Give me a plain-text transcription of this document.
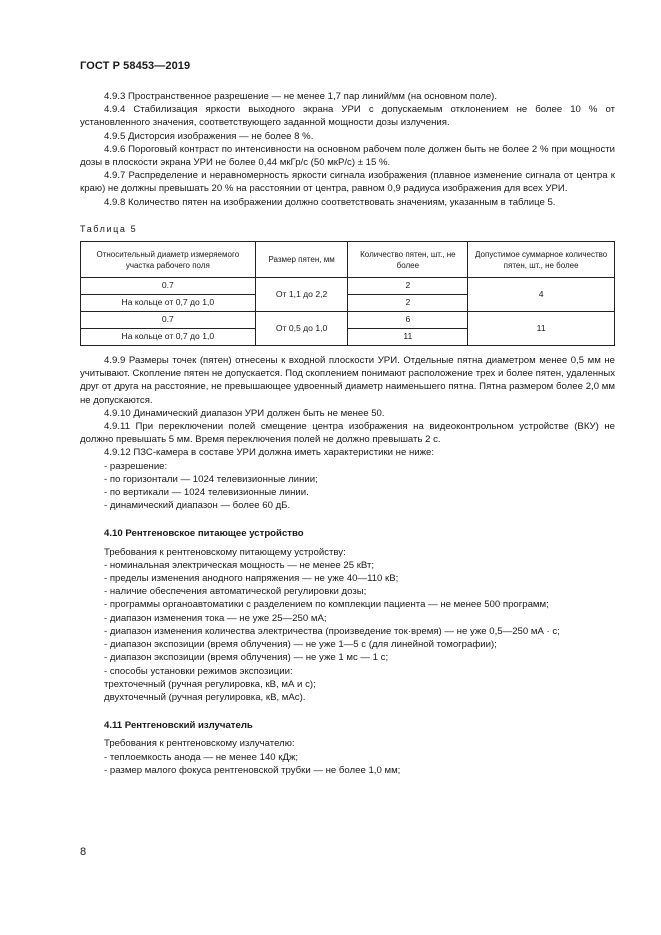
ГОСТ Р 58453—2019

4.9.3 Пространственное разрешение — не менее 1,7 пар линий/мм (на основном поле).

4.9.4 Стабилизация яркости выходного экрана УРИ с допускаемым отклонением не более 10 % от установленного значения, соответствующего заданной мощности дозы излучения.

4.9.5 Дисторсия изображения — не более 8 %.

4.9.6 Пороговый контраст по интенсивности на основном рабочем поле должен быть не более 2 % при мощности дозы в плоскости экрана УРИ не более 0,44 мкГр/с (50 мкР/с) ± 15 %.

4.9.7 Распределение и неравномерность яркости сигнала изображения (плавное изменение сигнала от центра к краю) не должны превышать 20 % на расстоянии от центра, равном 0,9 радиуса изображения для всех УРИ.

4.9.8 Количество пятен на изображении должно соответствовать значениям, указанным в таблице 5.

Таблица 5
Относительный диаметр измеряемого участка рабочего поля	Размер пятен, мм	Количество пятен, шт., не более	Допустимое суммарное количество пятен, шт., не более
0.7	От 1,1 до 2,2	2	4
На кольце от 0,7 до 1,0		2	
0.7	От 0,5 до 1,0	6	11
На кольце от 0,7 до 1,0		11	

4.9.9 Размеры точек (пятен) отнесены к входной плоскости УРИ. Отдельные пятна диаметром менее 0,5 мм не учитывают. Скопление пятен не допускается. Под скоплением понимают расположение трех и более пятен, удаленных друг от друга на расстояние, не превышающее удвоенный диаметр наименьшего пятна. Пятна размером более 2,0 мм не допускаются.

4.9.10 Динамический диапазон УРИ должен быть не менее 50.

4.9.11 При переключении полей смещение центра изображения на видеоконтрольном устройстве (ВКУ) не должно превышать 5 мм. Время переключения полей не должно превышать 2 с.

4.9.12 ПЗС-камера в составе УРИ должна иметь характеристики не ниже:

- разрешение:

- по горизонтали — 1024 телевизионные линии;

- по вертикали — 1024 телевизионные линии.

- динамический диапазон — более 60 дБ.

4.10 Рентгеновское питающее устройство

Требования к рентгеновскому питающему устройству:

- номинальная электрическая мощность — не менее 25 кВт;

- пределы изменения анодного напряжения — не уже 40—110 кВ;

- наличие обеспечения автоматической регулировки дозы;

- программы органоавтоматики с разделением по комплекции пациента — не менее 500 программ;

- диапазон изменения тока — не уже 25—250 мА;

- диапазон изменения количества электричества (произведение ток·время) — не уже 0,5—250 мА · с;

- диапазон экспозиции (время облучения) — не уже 1—5 с (для линейной томографии);

- диапазон экспозиции (время облучения) — не уже 1 мс — 1 с;

- способы установки режимов экспозиции:

трехточечный (ручная регулировка, кВ, мА и с);

двухточечный (ручная регулировка, кВ, мАс).

4.11 Рентгеновский излучатель

Требования к рентгеновскому излучателю:

- теплоемкость анода — не менее 140 кДж;

- размер малого фокуса рентгеновской трубки — не более 1,0 мм;

8
